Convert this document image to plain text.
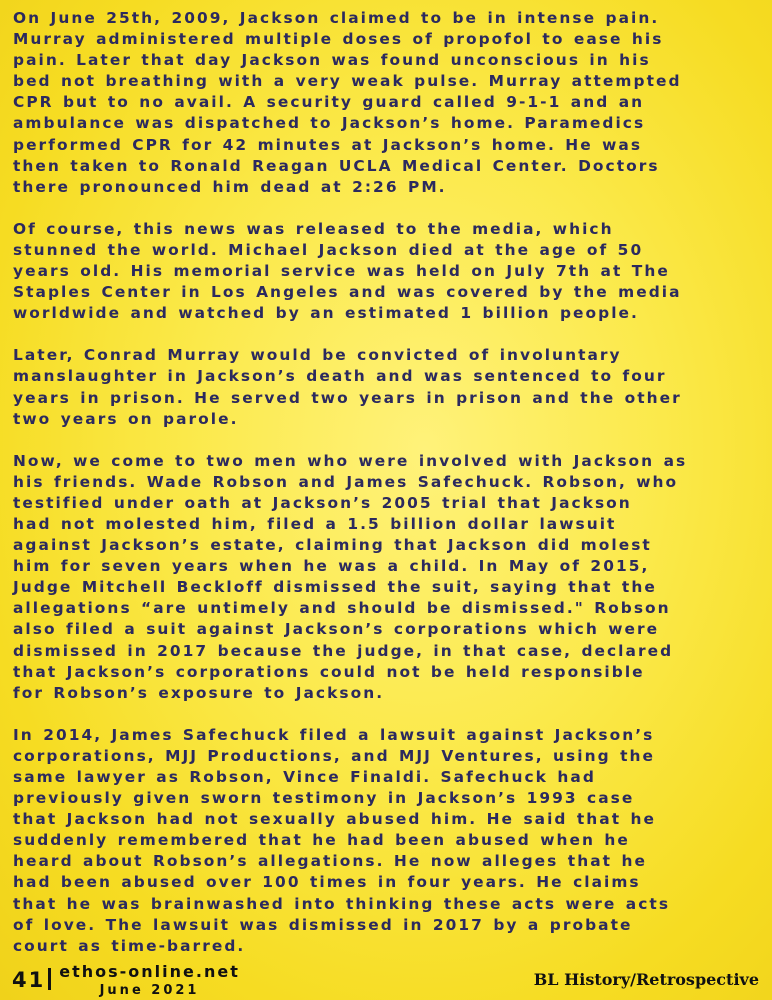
On June 25th, 2009, Jackson claimed to be in intense pain.
Murray administered multiple doses of propofol to ease his
pain. Later that day Jackson was found unconscious in his
bed not breathing with a very weak pulse. Murray attempted
CPR but to no avail. A security guard called 9-1-1 and an
ambulance was dispatched to Jackson’s home. Paramedics
performed CPR for 42 minutes at Jackson’s home. He was
then taken to Ronald Reagan UCLA Medical Center. Doctors
there pronounced him dead at 2:26 PM.

Of course, this news was released to the media, which
stunned the world. Michael Jackson died at the age of 50
years old. His memorial service was held on July 7th at The
Staples Center in Los Angeles and was covered by the media
worldwide and watched by an estimated 1 billion people.

Later, Conrad Murray would be convicted of involuntary
manslaughter in Jackson’s death and was sentenced to four
years in prison. He served two years in prison and the other
two years on parole.

Now, we come to two men who were involved with Jackson as
his friends. Wade Robson and James Safechuck. Robson, who
testified under oath at Jackson’s 2005 trial that Jackson
had not molested him, filed a 1.5 billion dollar lawsuit
against Jackson’s estate, claiming that Jackson did molest
him for seven years when he was a child. In May of 2015,
Judge Mitchell Beckloff dismissed the suit, saying that the
allegations “are untimely and should be dismissed." Robson
also filed a suit against Jackson’s corporations which were
dismissed in 2017 because the judge, in that case, declared
that Jackson’s corporations could not be held responsible
for Robson’s exposure to Jackson.

In 2014, James Safechuck filed a lawsuit against Jackson’s
corporations, MJJ Productions, and MJJ Ventures, using the
same lawyer as Robson, Vince Finaldi. Safechuck had
previously given sworn testimony in Jackson’s 1993 case
that Jackson had not sexually abused him. He said that he
suddenly remembered that he had been abused when he
heard about Robson’s allegations. He now alleges that he
had been abused over 100 times in four years. He claims
that he was brainwashed into thinking these acts were acts
of love. The lawsuit was dismissed in 2017 by a probate
court as time-barred.

41 ethos-online.net
June 2021
BL History/Retrospective
